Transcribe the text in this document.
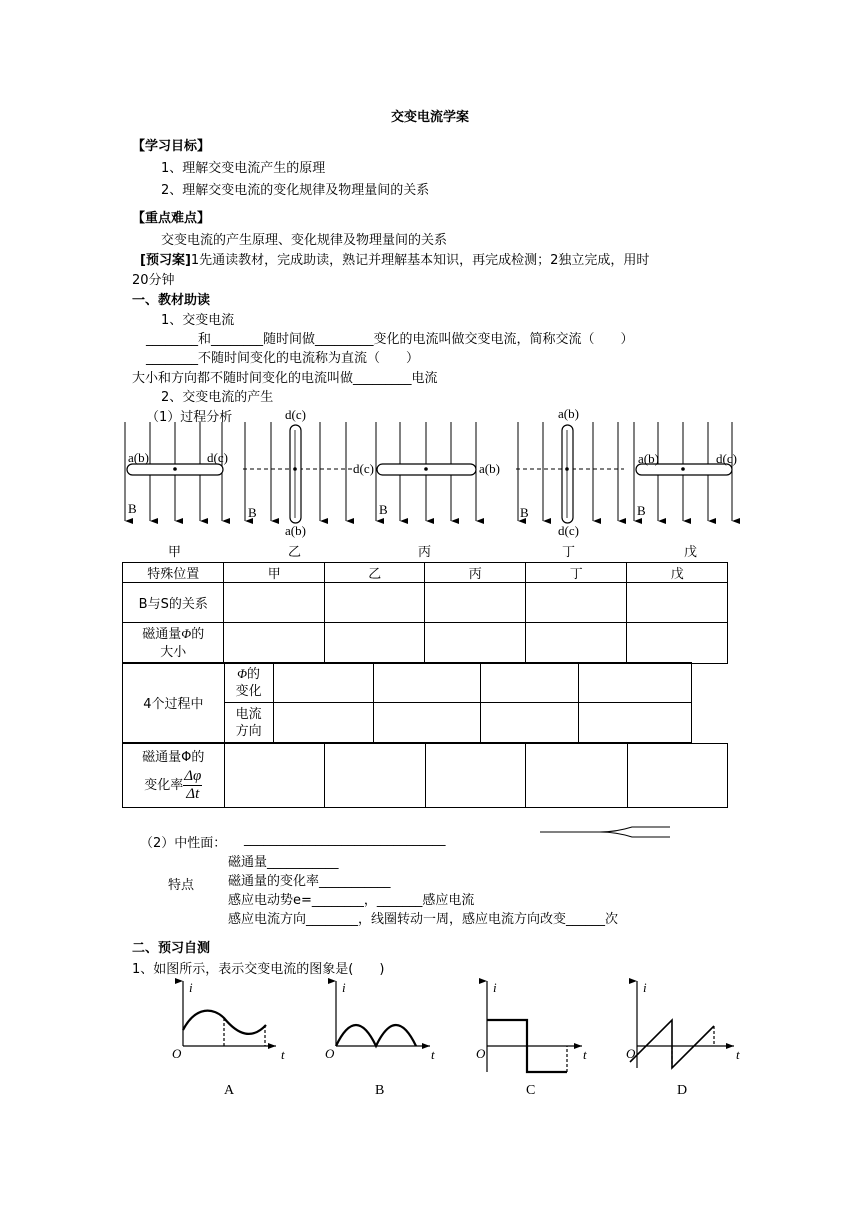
交变电流学案
【学习目标】
1、理解交变电流产生的原理
2、理解交变电流的变化规律及物理量间的关系
【重点难点】
交变电流的产生原理、变化规律及物理量间的关系
[预习案]1先通读教材，完成助读，熟记并理解基本知识，再完成检测；2独立完成，用时
20分钟
一、教材助读
1、交变电流
________和________随时间做_________变化的电流叫做交变电流，简称交流（　　）
________不随时间变化的电流称为直流（　　）
大小和方向都不随时间变化的电流叫做_________电流
2、交变电流的产生
（1）过程分析
a(b)	d(c)
B
d(c)
a(b)
B
d(c)	a(b)
B
a(b)
d(c)
B
a(b)	d(c)
B
甲	乙	丙	丁	戊
特殊位置	甲	乙	丙	丁	戊
B与S的关系					
磁通量Φ的
大小					
4个过程中	Φ的
变化				
	电流
方向				
磁通量Φ的
变化率 $\frac{\Delta\varphi}{\Delta t}$

（2）中性面： _______________________________
磁通量___________
特点	磁通量的变化率___________
感应电动势e=________，_______感应电流
感应电流方向________，线圈转动一周，感应电流方向改变______次
二、预习自测
1、如图所示，表示交变电流的图象是(　　)
i
t
O
i
t
O
i
t
O
i
t
O
A	B	C	D
